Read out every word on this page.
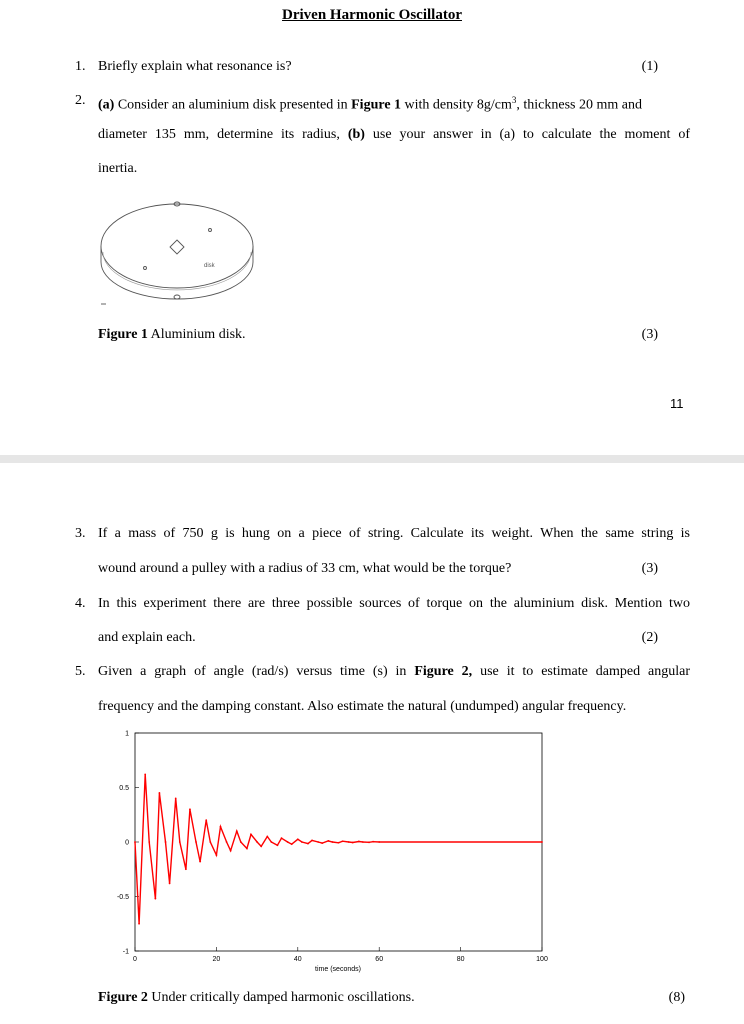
Driven Harmonic Oscillator
1. Briefly explain what resonance is?	(1)
2. (a) Consider an aluminium disk presented in Figure 1 with density $8g/cm^3$, thickness 20 mm and
diameter 135 mm, determine its radius, (b) use your answer in (a) to calculate the moment of
inertia.
disk
Figure 1 Aluminium disk.	(3)
11
3. If a mass of 750 g is hung on a piece of string. Calculate its weight. When the same string is
wound around a pulley with a radius of 33 cm, what would be the torque?	(3)
4. In this experiment there are three possible sources of torque on the aluminium disk. Mention two
and explain each.	(2)
5. Given a graph of angle (rad/s) versus time (s) in Figure 2, use it to estimate damped angular
frequency and the damping constant. Also estimate the natural (undumped) angular frequency.
0	20	40	60	80	100
1
0.5
0
-0.5
-1
time (seconds)
Figure 2 Under critically damped harmonic oscillations.	(8)
